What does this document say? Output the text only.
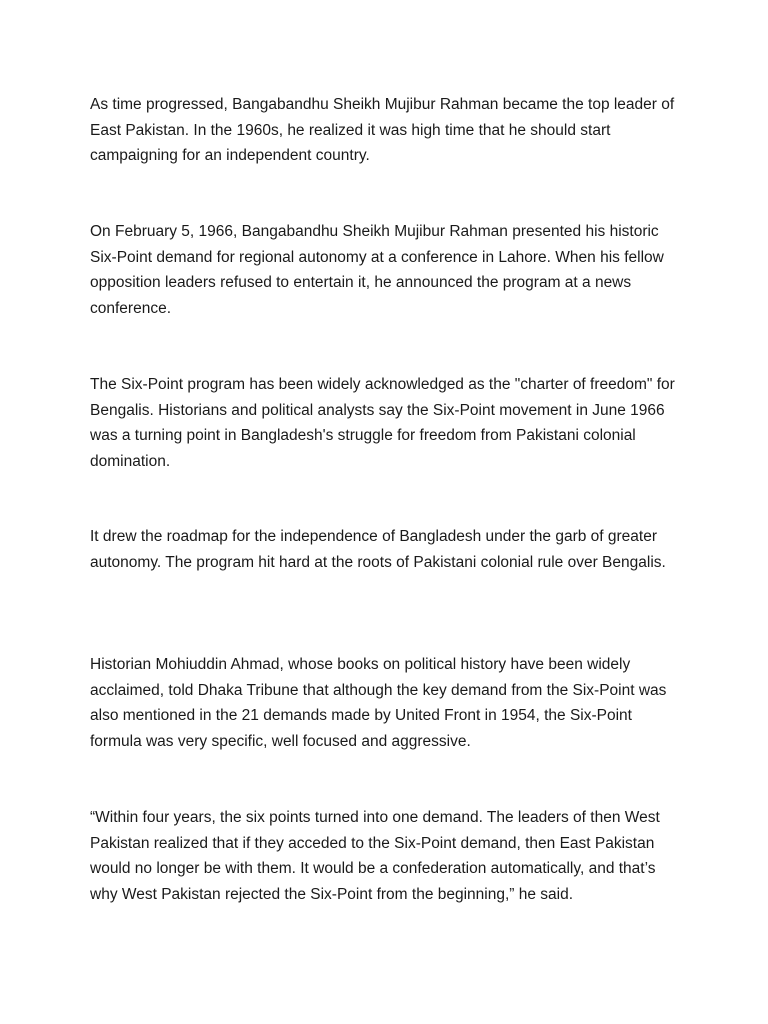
As time progressed, Bangabandhu Sheikh Mujibur Rahman became the top leader of East Pakistan. In the 1960s, he realized it was high time that he should start campaigning for an independent country.

On February 5, 1966, Bangabandhu Sheikh Mujibur Rahman presented his historic Six-Point demand for regional autonomy at a conference in Lahore. When his fellow opposition leaders refused to entertain it, he announced the program at a news conference.

The Six-Point program has been widely acknowledged as the "charter of freedom" for Bengalis. Historians and political analysts say the Six-Point movement in June 1966 was a turning point in Bangladesh's struggle for freedom from Pakistani colonial domination.

It drew the roadmap for the independence of Bangladesh under the garb of greater autonomy. The program hit hard at the roots of Pakistani colonial rule over Bengalis.

Historian Mohiuddin Ahmad, whose books on political history have been widely acclaimed, told Dhaka Tribune that although the key demand from the Six-Point was also mentioned in the 21 demands made by United Front in 1954, the Six-Point formula was very specific, well focused and aggressive.

“Within four years, the six points turned into one demand. The leaders of then West Pakistan realized that if they acceded to the Six-Point demand, then East Pakistan would no longer be with them. It would be a confederation automatically, and that’s why West Pakistan rejected the Six-Point from the beginning,” he said.
